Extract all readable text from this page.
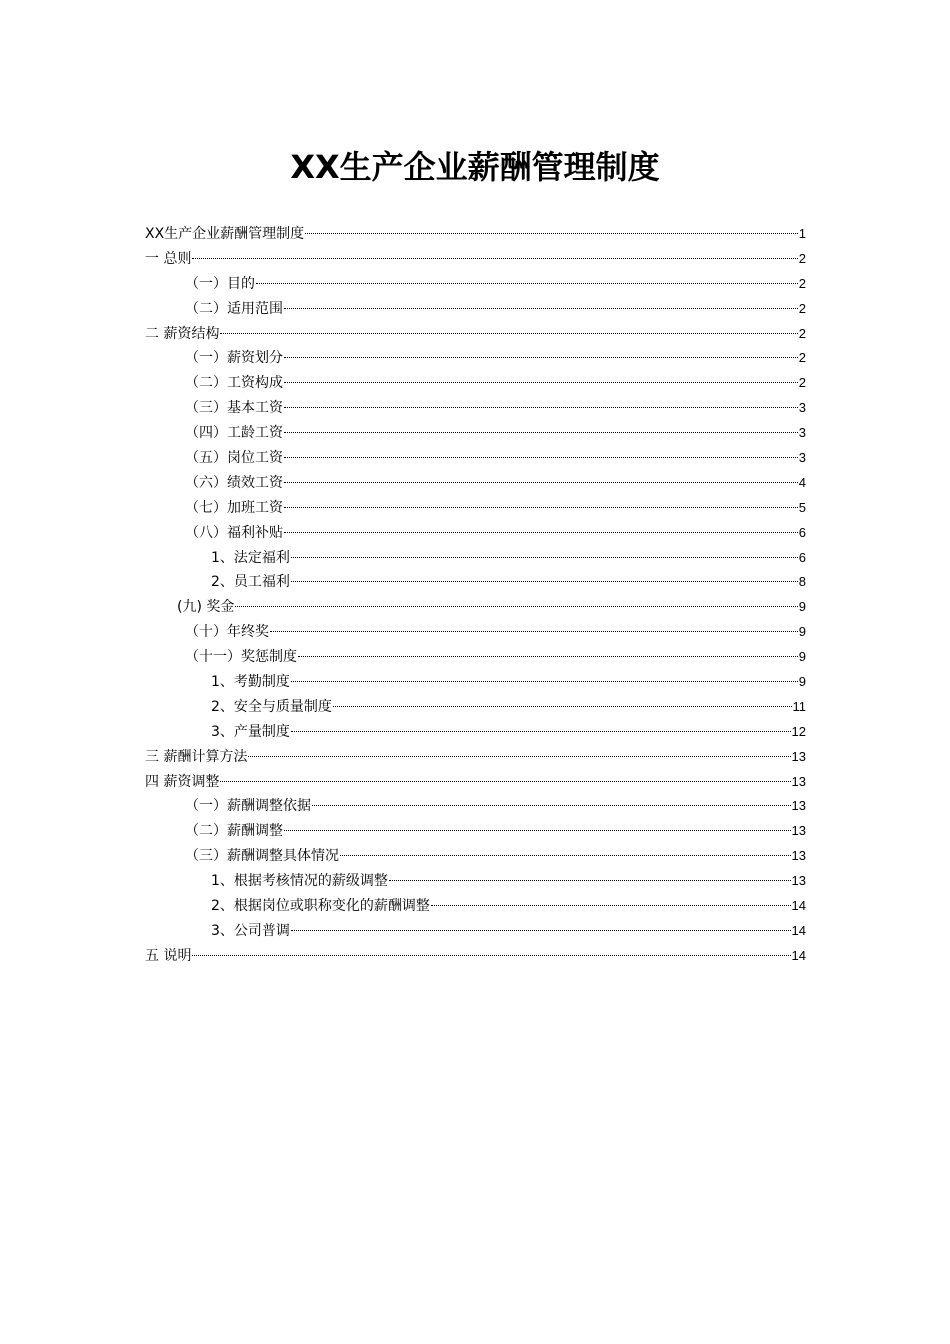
XX生产企业薪酬管理制度
XX生产企业薪酬管理制度	1
一 总则	2
（一）目的	2
（二）适用范围	2
二 薪资结构	2
（一）薪资划分	2
（二）工资构成	2
（三）基本工资	3
（四）工龄工资	3
（五）岗位工资	3
（六）绩效工资	4
（七）加班工资	5
（八）福利补贴	6
1、法定福利	6
2、员工福利	8
(九) 奖金	9
（十）年终奖	9
（十一）奖惩制度	9
1、考勤制度	9
2、安全与质量制度	11
3、产量制度	12
三 薪酬计算方法	13
四 薪资调整	13
（一）薪酬调整依据	13
（二）薪酬调整	13
（三）薪酬调整具体情况	13
1、根据考核情况的薪级调整	13
2、根据岗位或职称变化的薪酬调整	14
3、公司普调	14
五 说明	14
